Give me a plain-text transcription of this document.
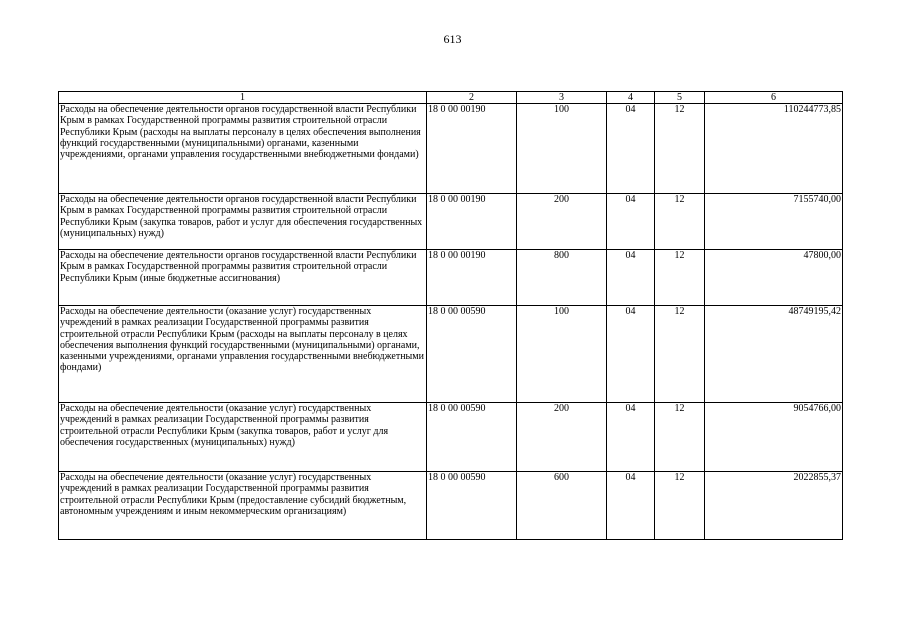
613
1	2	3	4	5	6
Расходы на обеспечение деятельности органов государственной власти Республики Крым в рамках Государственной программы развития строительной отрасли Республики Крым (расходы на выплаты персоналу в целях обеспечения выполнения функций государственными (муниципальными) органами, казенными учреждениями, органами управления государственными внебюджетными фондами)	18 0 00 00190	100	04	12	110244773,85
Расходы на обеспечение деятельности органов государственной власти Республики Крым в рамках Государственной программы развития строительной отрасли Республики Крым (закупка товаров, работ и услуг для обеспечения государственных (муниципальных) нужд)	18 0 00 00190	200	04	12	7155740,00
Расходы на обеспечение деятельности органов государственной власти Республики Крым в рамках Государственной программы развития строительной отрасли Республики Крым (иные бюджетные ассигнования)	18 0 00 00190	800	04	12	47800,00
Расходы на обеспечение деятельности (оказание услуг) государственных учреждений в рамках реализации Государственной программы развития строительной отрасли Республики Крым (расходы на выплаты персоналу в целях обеспечения выполнения функций государственными (муниципальными) органами, казенными учреждениями, органами управления государственными внебюджетными фондами)	18 0 00 00590	100	04	12	48749195,42
Расходы на обеспечение деятельности (оказание услуг) государственных учреждений в рамках реализации Государственной программы развития строительной отрасли Республики Крым (закупка товаров, работ и услуг для обеспечения государственных (муниципальных) нужд)	18 0 00 00590	200	04	12	9054766,00
Расходы на обеспечение деятельности (оказание услуг) государственных учреждений в рамках реализации Государственной программы развития строительной отрасли Республики Крым (предоставление субсидий бюджетным, автономным учреждениям и иным некоммерческим организациям)	18 0 00 00590	600	04	12	2022855,37
